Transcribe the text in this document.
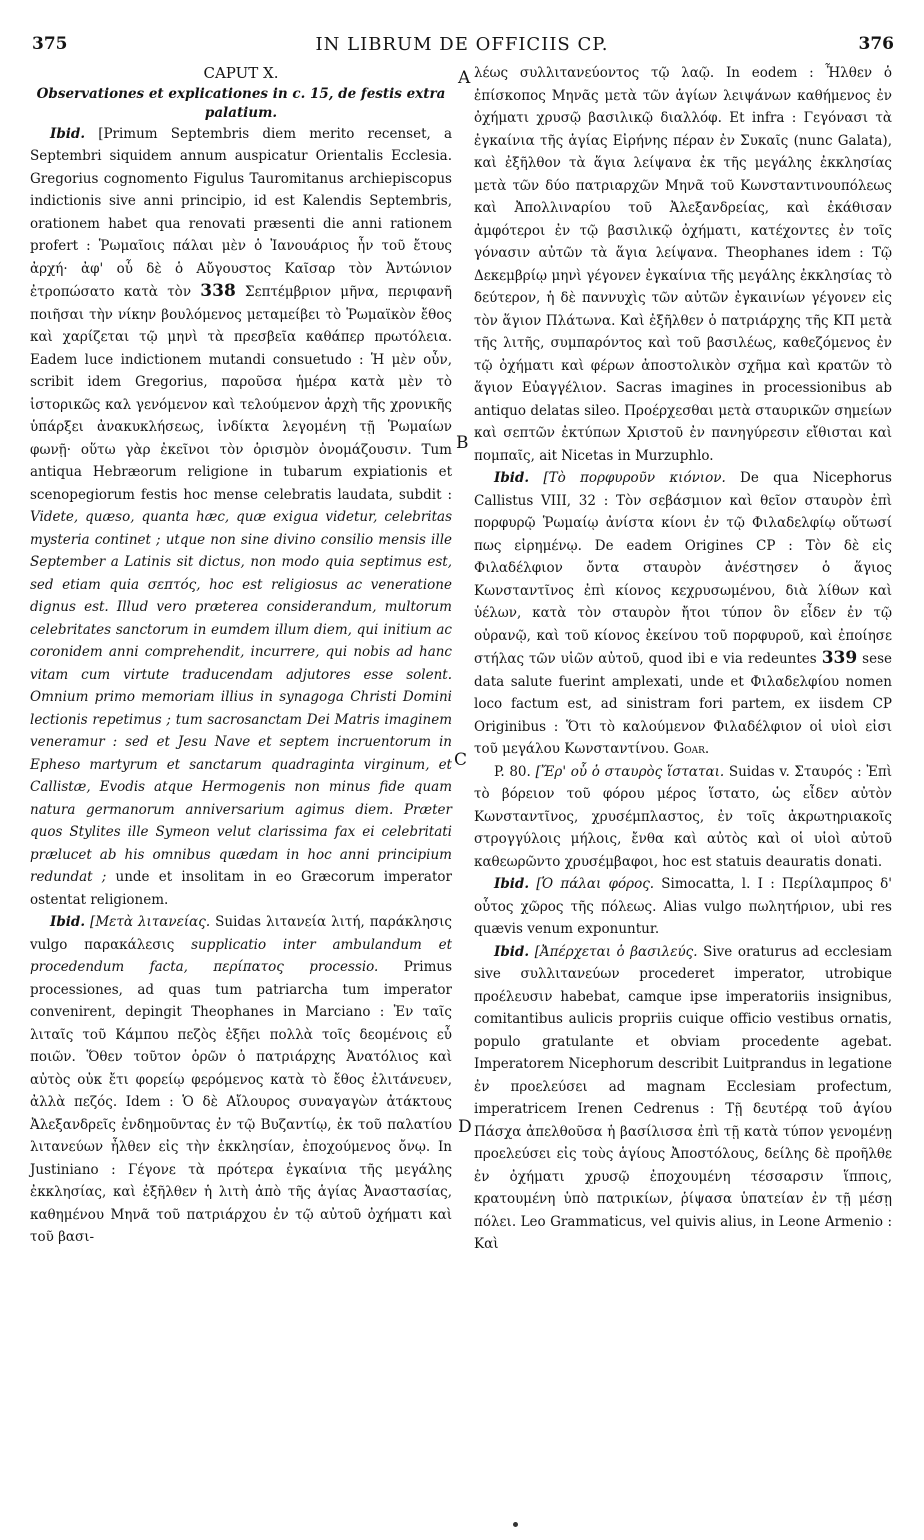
375	IN LIBRUM DE OFFICIIS CP.	376
A
B
C
D

CAPUT X.

Observationes et explicationes in c. 15, de festis extra palatium.

Ibid. [Primum Septembris diem merito recenset, a Septembri siquidem annum auspicatur Orientalis Ecclesia. Gregorius cognomento Figulus Tauromitanus archiepiscopus indictionis sive anni principio, id est Kalendis Septembris, orationem habet qua renovati præsenti die anni rationem profert : Ῥωμαῖοις πάλαι μὲν ὁ Ἰανουάριος ἦν τοῦ ἔτους ἀρχή· ἀφ' οὗ δὲ ὁ Αὔγουστος Καῖσαρ τὸν Ἀντώνιον ἐτροπώσατο κατὰ τὸν 338 Σεπτέμβριον μῆνα, περιφανῆ ποιῆσαι τὴν νίκην βουλόμενος μεταμείβει τὸ Ῥωμαϊκὸν ἔθος καὶ χαρίζεται τῷ μηνὶ τὰ πρεσβεῖα καθάπερ πρωτόλεια. Eadem luce indictionem mutandi consuetudo : Ἡ μὲν οὖν, scribit idem Gregorius, παροῦσα ἡμέρα κατὰ μὲν τὸ ἱστορικῶς καλ γενόμενον καὶ τελούμενον ἀρχὴ τῆς χρονικῆς ὑπάρξει ἀνακυκλήσεως, ἰνδίκτα λεγομένη τῇ Ῥωμαίων φωνῇ· οὕτω γὰρ ἐκεῖνοι τὸν ὁρισμὸν ὀνομάζουσιν. Tum antiqua Hebræorum religione in tubarum expiationis et scenopegiorum festis hoc mense celebratis laudata, subdit : Videte, quæso, quanta hæc, quæ exigua videtur, celebritas mysteria continet ; utque non sine divino consilio mensis ille September a Latinis sit dictus, non modo quia septimus est, sed etiam quia σεπτός, hoc est religiosus ac veneratione dignus est. Illud vero præterea considerandum, multorum celebritates sanctorum in eumdem illum diem, qui initium ac coronidem anni comprehendit, incurrere, qui nobis ad hanc vitam cum virtute traducendam adjutores esse solent. Omnium primo memoriam illius in synagoga Christi Domini lectionis repetimus ; tum sacrosanctam Dei Matris imaginem veneramur : sed et Jesu Nave et septem incruentorum in Epheso martyrum et sanctarum quadraginta virginum, et Callistæ, Evodis atque Hermogenis non minus fide quam natura germanorum anniversarium agimus diem. Præter quos Stylites ille Symeon velut clarissima fax ei celebritati prælucet ab his omnibus quædam in hoc anni principium redundat ; unde et insolitam in eo Græcorum imperator ostentat religionem.

Ibid. [Μετὰ λιτανείας. Suidas λιτανεία λιτή, παράκλησις vulgo παρακάλεσις supplicatio inter ambulandum et procedendum facta, περίπατος processio. Primus processiones, ad quas tum patriarcha tum imperator convenirent, depingit Theophanes in Marciano : Ἐν ταῖς λιταῖς τοῦ Κάμπου πεζὸς ἐξῆει πολλὰ τοῖς δεομένοις εὖ ποιῶν. Ὅθεν τοῦτον ὁρῶν ὁ πατριάρχης Ἀνατόλιος καὶ αὐτὸς οὐκ ἔτι φορείῳ φερόμενος κατὰ τὸ ἔθος ἐλιτάνευεν, ἀλλὰ πεζός. Idem : Ὁ δὲ Αἴλουρος συναγαγὼν ἀτάκτους Ἀλεξανδρεῖς ἐνδημοῦντας ἐν τῷ Βυζαντίῳ, ἐκ τοῦ παλατίου λιτανεύων ἦλθεν εἰς τὴν ἐκκλησίαν, ἐποχούμενος ὄνῳ. In Justiniano : Γέγονε τὰ πρότερα ἐγκαίνια τῆς μεγάλης ἐκκλησίας, καὶ ἐξῆλθεν ἡ λιτὴ ἀπὸ τῆς ἁγίας Ἀναστασίας, καθημένου Μηνᾶ τοῦ πατριάρχου ἐν τῷ αὐτοῦ ὀχήματι καὶ τοῦ βασι-

λέως συλλιτανεύοντος τῷ λαῷ. In eodem : Ἦλθεν ὁ ἐπίσκοπος Μηνᾶς μετὰ τῶν ἁγίων λειψάνων καθήμενος ἐν ὀχήματι χρυσῷ βασιλικῷ διαλλόφ. Et infra : Γεγόνασι τὰ ἐγκαίνια τῆς ἁγίας Εἰρήνης πέραν ἐν Συκαῖς (nunc Galata), καὶ ἐξῆλθον τὰ ἅγια λείψανα ἐκ τῆς μεγάλης ἐκκλησίας μετὰ τῶν δύο πατριαρχῶν Μηνᾶ τοῦ Κωνσταντινουπόλεως καὶ Ἀπολλιναρίου τοῦ Ἀλεξανδρείας, καὶ ἐκάθισαν ἀμφότεροι ἐν τῷ βασιλικῷ ὀχήματι, κατέχοντες ἐν τοῖς γόνασιν αὐτῶν τὰ ἅγια λείψανα. Theophanes idem : Τῷ Δεκεμβρίῳ μηνὶ γέγονεν ἐγκαίνια τῆς μεγάλης ἐκκλησίας τὸ δεύτερον, ἡ δὲ παννυχὶς τῶν αὐτῶν ἐγκαινίων γέγονεν εἰς τὸν ἅγιον Πλάτωνα. Καὶ ἐξῆλθεν ὁ πατριάρχης τῆς ΚΠ μετὰ τῆς λιτῆς, συμπαρόντος καὶ τοῦ βασιλέως, καθεζόμενος ἐν τῷ ὀχήματι καὶ φέρων ἀποστολικὸν σχῆμα καὶ κρατῶν τὸ ἅγιον Εὐαγγέλιον. Sacras imagines in processionibus ab antiquo delatas sileo. Προέρχεσθαι μετὰ σταυρικῶν σημείων καὶ σεπτῶν ἐκτύπων Χριστοῦ ἐν πανηγύρεσιν εἴθισται καὶ πομπαῖς, ait Nicetas in Murzuphlo.

Ibid. [Τὸ πορφυροῦν κιόνιον. De qua Nicephorus Callistus VIII, 32 : Τὸν σεβάσμιον καὶ θεῖον σταυρὸν ἐπὶ πορφυρῷ Ῥωμαίῳ ἀνίστα κίονι ἐν τῷ Φιλαδελφίῳ οὕτωσί πως εἰρημένῳ. De eadem Origines CP : Τὸν δὲ εἰς Φιλαδέλφιον ὄντα σταυρὸν ἀνέστησεν ὁ ἅγιος Κωνσταντῖνος ἐπὶ κίονος κεχρυσωμένου, διὰ λίθων καὶ ὑέλων, κατὰ τὸν σταυρὸν ἤτοι τύπον ὃν εἶδεν ἐν τῷ οὐρανῷ, καὶ τοῦ κίονος ἐκείνου τοῦ πορφυροῦ, καὶ ἐποίησε στήλας τῶν υἱῶν αὐτοῦ, quod ibi e via redeuntes 339 sese data salute fuerint amplexati, unde et Φιλαδελφίου nomen loco factum est, ad sinistram fori partem, ex iisdem CP Originibus : Ὅτι τὸ καλούμενον Φιλαδέλφιον οἱ υἱοὶ εἰσι τοῦ μεγάλου Κωνσταντίνου. Goar.

P. 80. [Ἔρ' οὗ ὁ σταυρὸς ἵσταται. Suidas v. Σταυρός : Ἐπὶ τὸ βόρειον τοῦ φόρου μέρος ἵστατο, ὡς εἶδεν αὐτὸν Κωνσταντῖνος, χρυσέμπλαστος, ἐν τοῖς ἀκρωτηριακοῖς στρογγύλοις μήλοις, ἔνθα καὶ αὐτὸς καὶ οἱ υἱοὶ αὐτοῦ καθεωρῶντο χρυσέμβαφοι, hoc est statuis deauratis donati.

Ibid. [Ὁ πάλαι φόρος. Simocatta, l. I : Περίλαμπρος δ' οὗτος χῶρος τῆς πόλεως. Alias vulgo πωλητήριον, ubi res quævis venum exponuntur.

Ibid. [Ἀπέρχεται ὁ βασιλεύς. Sive oraturus ad ecclesiam sive συλλιτανεύων procederet imperator, utrobique προέλευσιν habebat, camque ipse imperatoriis insignibus, comitantibus aulicis propriis cuique officio vestibus ornatis, populo gratulante et obviam procedente agebat. Imperatorem Nicephorum describit Luitprandus in legatione ἐν προελεύσει ad magnam Ecclesiam profectum, imperatricem Irenen Cedrenus : Τῇ δευτέρᾳ τοῦ ἁγίου Πάσχα ἀπελθοῦσα ἡ βασίλισσα ἐπὶ τῇ κατὰ τύπον γενομένῃ προελεύσει εἰς τοὺς ἁγίους Ἀποστόλους, δείλης δὲ προῆλθε ἐν ὀχήματι χρυσῷ ἐποχουμένη τέσσαρσιν ἵπποις, κρατουμένη ὑπὸ πατρικίων, ῥίψασα ὑπατείαν ἐν τῇ μέσῃ πόλει. Leo Grammaticus, vel quivis alius, in Leone Armenio : Καὶ
